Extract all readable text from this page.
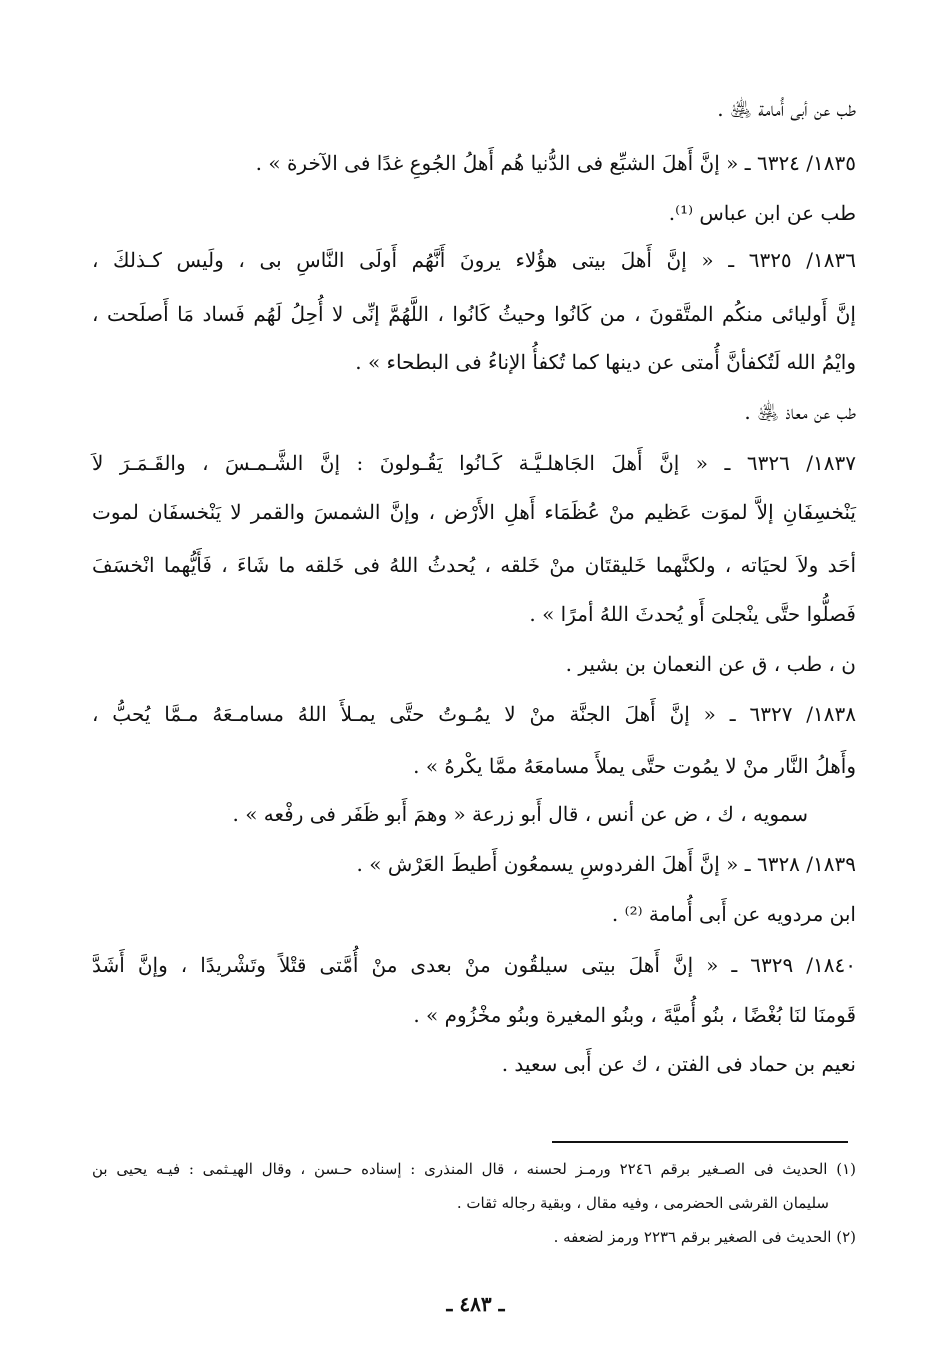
طب عن أبى أُمامة ﵁ .
١٨٣٥/ ٦٣٢٤ ـ « إنَّ أَهلَ الشبِّع فى الدُّنيا هُم أَهلُ الجُوعِ غدًا فى الآخرة » .
طب عن ابن عباس ⁽¹⁾.
١٨٣٦/ ٦٣٢٥ ـ « إنَّ أَهلَ بيتى هؤُلاء يرونَ أَنَّهُم أَولَى النَّاسِ بى ، ولَيس كـذلكَ ،
إنَّ أَوليائى منكُم المتَّقونَ ، من كَانُوا وحيثُ كَانُوا ، اللَّهُمَّ إنِّى لا أُحِلُ لَهُم فَساد مَا أَصلَحت ،
وايْمُ الله لَتُكفأنَّ أُمتى عن دينها كما تُكفأُ الإناءُ فى البطحاء » .
طب عن معاذ ﵁ .
١٨٣٧/ ٦٣٢٦ ـ « إنَّ أَهلَ الجَاهلـيَّـة كَـانُوا يَقُـولونَ : إنَّ الشَّـمـسَ ، والقَـمَـرَ لاَ
يَنْخسِفَانِ إلاَّ لموَت عَظيم منْ عُظَمَاء أَهلِ الأَرْض ، وإنَّ الشمسَ والقمر لا يَنْخسفَان لموت
أحَد ولاَ لحيَاته ، ولكنَّهما خَليقتَان منْ خَلقه ، يُحدثُ اللهُ فى خَلقه ما شَاءَ ، فَأَيُّهما انْخسَفَ
فَصلُّوا حتَّى ينْجلىَ أَو يُحدثَ اللهُ أمرًا » .
ن ، طب ، ق عن النعمان بن بشير .
١٨٣٨/ ٦٣٢٧ ـ « إنَّ أَهلَ الجنَّة منْ لا يمُـوتُ حتَّى يمـلأَ اللهُ مسامـعَهُ مـمَّا يُحبُّ ،
وأَهلُ النَّار منْ لا يمُوت حتَّى يملأَ مسامعَهُ ممَّا يكْرهُ » .
سمويه ، ك ، ض عن أنس ، قال أَبو زرعة « وهمَ أَبو ظَفَر فى رفْعه » .
١٨٣٩/ ٦٣٢٨ ـ « إنَّ أَهلَ الفردوسِ يسمعُون أَطيطَ العَرْش » .
ابن مردويه عن أَبى أُمامة ⁽²⁾ .
١٨٤٠/ ٦٣٢٩ ـ « إنَّ أَهلَ بيتى سيلقُون منْ بعدى منْ أُمَّتى قتْلاً وتَشْريدًا ، وإنَّ أَشَدَّ
قَومنَا لنَا بُغْضًا ، بنُو أُميَّةَ ، وبنُو المغيرة وبنُو مخْزُوم » .
نعيم بن حماد فى الفتن ، ك عن أَبى سعيد .
(١) الحديث فى الصـغير برقم ٢٢٤٦ ورمـز لحسنه ، قال المنذرى : إسناده حـسن ، وقال الهيـثمى : فيـه يحيى بن
سليمان القرشى الحضرمى ، وفيه مقال ، وبقية رجاله ثقات .
(٢) الحديث فى الصغير برقم ٢٢٣٦ ورمز لضعفه .
ـ ٤٨٣ ـ
